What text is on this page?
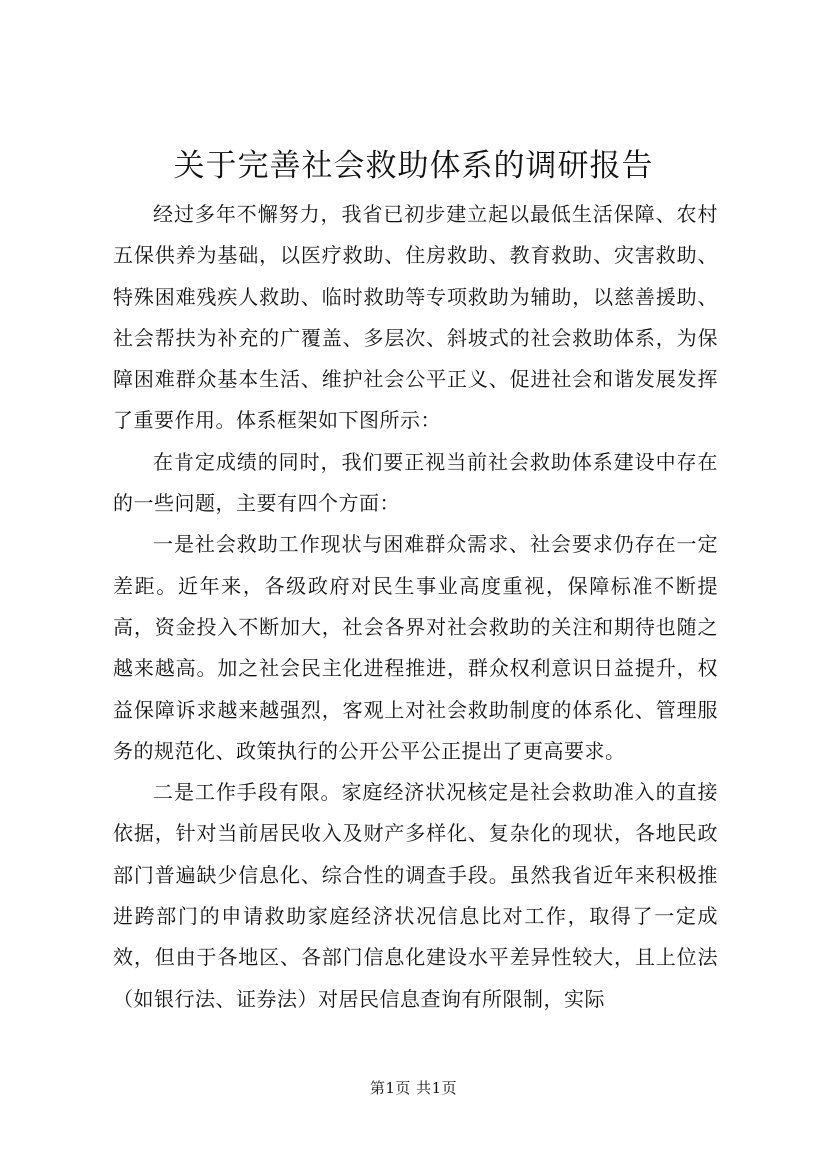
关于完善社会救助体系的调研报告

经过多年不懈努力，我省已初步建立起以最低生活保障、农村五保供养为基础，以医疗救助、住房救助、教育救助、灾害救助、特殊困难残疾人救助、临时救助等专项救助为辅助，以慈善援助、社会帮扶为补充的广覆盖、多层次、斜坡式的社会救助体系，为保障困难群众基本生活、维护社会公平正义、促进社会和谐发展发挥了重要作用。体系框架如下图所示：

在肯定成绩的同时，我们要正视当前社会救助体系建设中存在的一些问题，主要有四个方面：

一是社会救助工作现状与困难群众需求、社会要求仍存在一定差距。近年来，各级政府对民生事业高度重视，保障标准不断提高，资金投入不断加大，社会各界对社会救助的关注和期待也随之越来越高。加之社会民主化进程推进，群众权利意识日益提升，权益保障诉求越来越强烈，客观上对社会救助制度的体系化、管理服务的规范化、政策执行的公开公平公正提出了更高要求。

二是工作手段有限。家庭经济状况核定是社会救助准入的直接依据，针对当前居民收入及财产多样化、复杂化的现状，各地民政部门普遍缺少信息化、综合性的调查手段。虽然我省近年来积极推进跨部门的申请救助家庭经济状况信息比对工作，取得了一定成效，但由于各地区、各部门信息化建设水平差异性较大，且上位法（如银行法、证券法）对居民信息查询有所限制，实际

第1页 共1页
